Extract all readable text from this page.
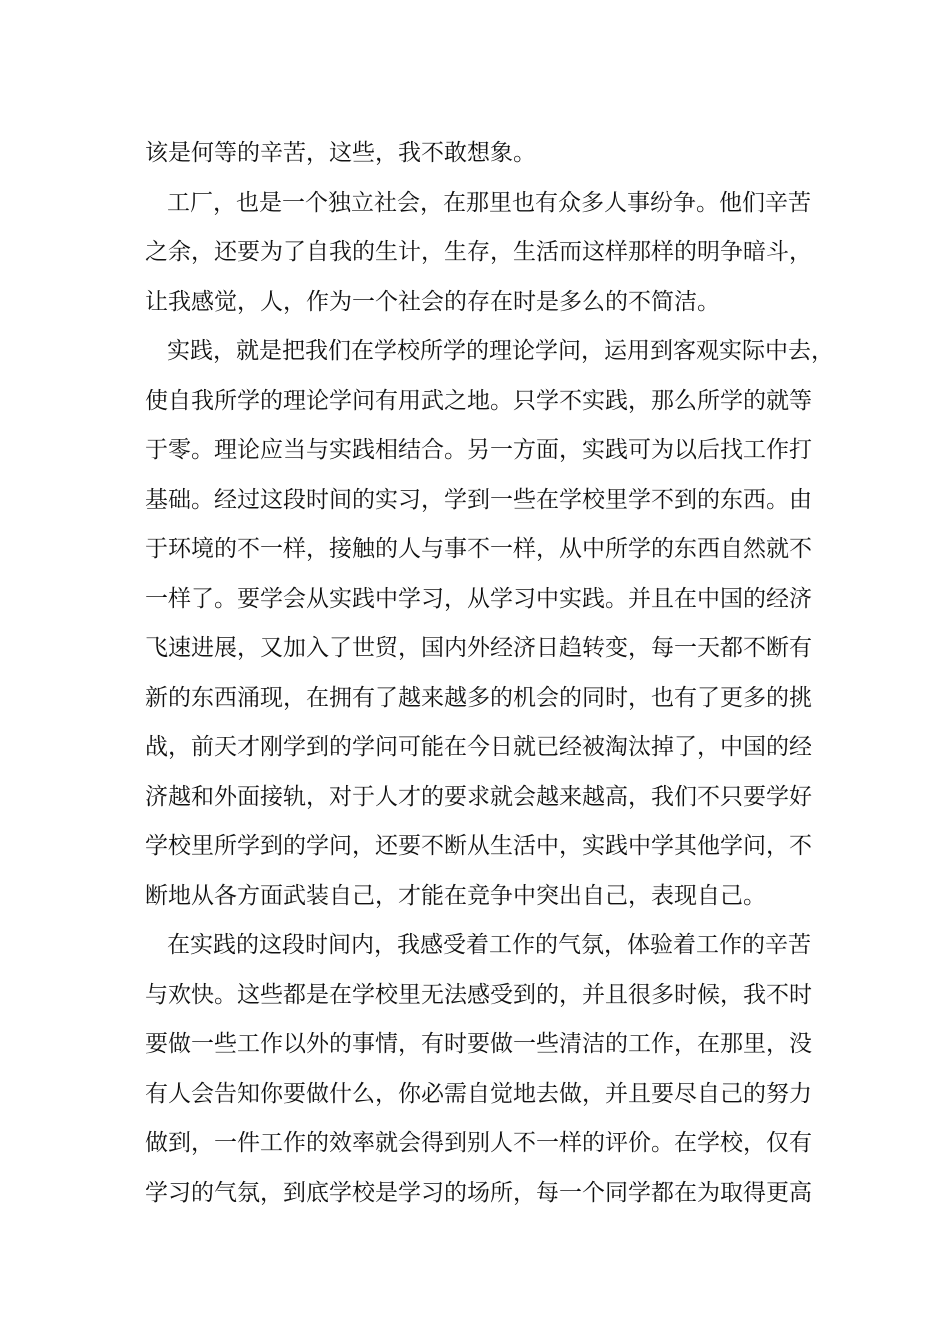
该是何等的辛苦，这些，我不敢想象。

工厂，也是一个独立社会，在那里也有众多人事纷争。他们辛苦

之余，还要为了自我的生计，生存，生活而这样那样的明争暗斗，

让我感觉，人，作为一个社会的存在时是多么的不简洁。

实践，就是把我们在学校所学的理论学问，运用到客观实际中去，

使自我所学的理论学问有用武之地。只学不实践，那么所学的就等

于零。理论应当与实践相结合。另一方面，实践可为以后找工作打

基础。经过这段时间的实习，学到一些在学校里学不到的东西。由

于环境的不一样，接触的人与事不一样，从中所学的东西自然就不

一样了。要学会从实践中学习，从学习中实践。并且在中国的经济

飞速进展，又加入了世贸，国内外经济日趋转变，每一天都不断有

新的东西涌现，在拥有了越来越多的机会的同时，也有了更多的挑

战，前天才刚学到的学问可能在今日就已经被淘汰掉了，中国的经

济越和外面接轨，对于人才的要求就会越来越高，我们不只要学好

学校里所学到的学问，还要不断从生活中，实践中学其他学问，不

断地从各方面武装自己，才能在竞争中突出自己，表现自己。

在实践的这段时间内，我感受着工作的气氛，体验着工作的辛苦

与欢快。这些都是在学校里无法感受到的，并且很多时候，我不时

要做一些工作以外的事情，有时要做一些清洁的工作，在那里，没

有人会告知你要做什么，你必需自觉地去做，并且要尽自己的努力

做到，一件工作的效率就会得到别人不一样的评价。在学校，仅有

学习的气氛，到底学校是学习的场所，每一个同学都在为取得更高
